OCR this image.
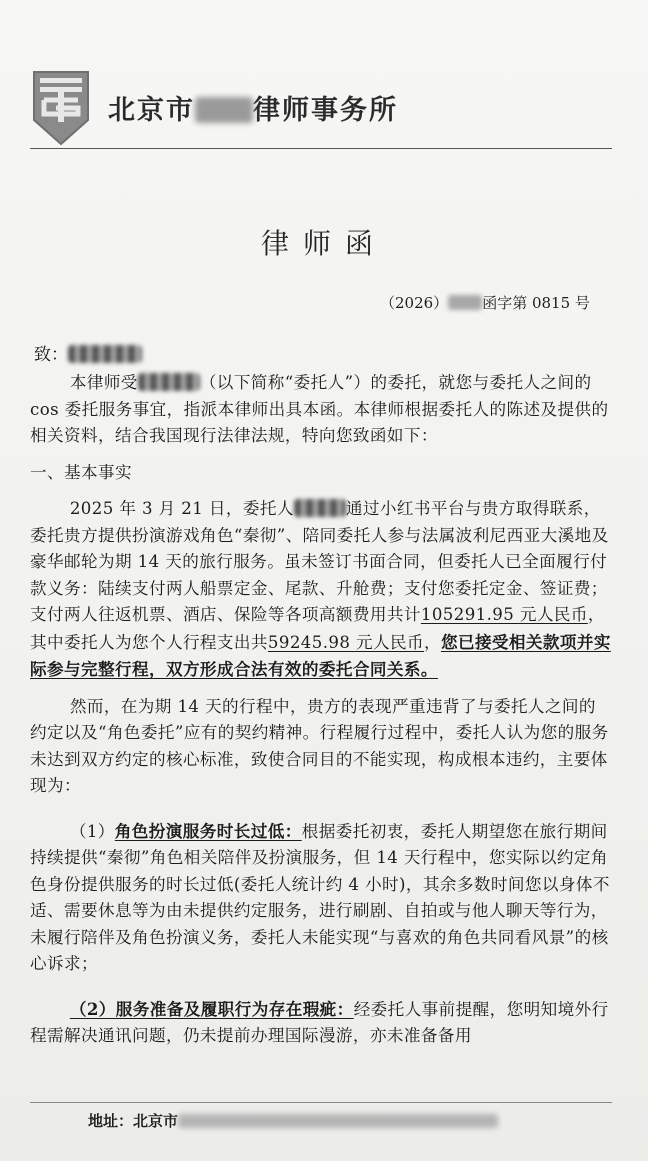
北京市 律师事务所
律师函
（2026） 函字第 0815 号
致：

本律师受	（以下简称“委托人”）的委托，就您与委托人之间的 cos 委托服务事宜，指派本律师出具本函。本律师根据委托人的陈述及提供的相关资料，结合我国现行法律法规，特向您致函如下：

一、基本事实

2025 年 3 月 21 日，委托人	通过小红书平台与贵方取得联系，委托贵方提供扮演游戏角色“秦彻”、陪同委托人参与法属波利尼西亚大溪地及豪华邮轮为期 14 天的旅行服务。虽未签订书面合同，但委托人已全面履行付款义务：陆续支付两人船票定金、尾款、升舱费；支付您委托定金、签证费；支付两人往返机票、酒店、保险等各项高额费用共计105291.95 元人民币，其中委托人为您个人行程支出共59245.98 元人民币，您已接受相关款项并实际参与完整行程，双方形成合法有效的委托合同关系。

然而，在为期 14 天的行程中，贵方的表现严重违背了与委托人之间的约定以及“角色委托”应有的契约精神。行程履行过程中，委托人认为您的服务未达到双方约定的核心标准，致使合同目的不能实现，构成根本违约，主要体现为：

（1）角色扮演服务时长过低：根据委托初衷，委托人期望您在旅行期间持续提供“秦彻”角色相关陪伴及扮演服务，但 14 天行程中，您实际以约定角色身份提供服务的时长过低(委托人统计约 4 小时)，其余多数时间您以身体不适、需要休息等为由未提供约定服务，进行刷剧、自拍或与他人聊天等行为，未履行陪伴及角色扮演义务，委托人未能实现“与喜欢的角色共同看风景”的核心诉求；

（2）服务准备及履职行为存在瑕疵：经委托人事前提醒，您明知境外行程需解决通讯问题，仍未提前办理国际漫游，亦未准备备用

地址：北京市
